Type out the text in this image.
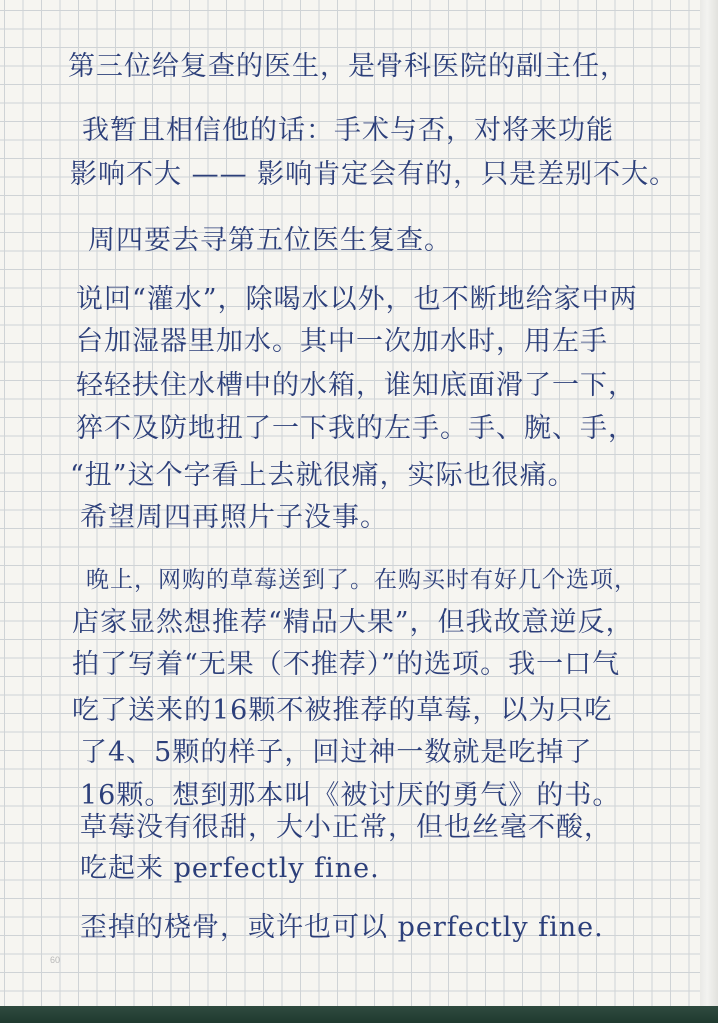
第三位给复查的医生，是骨科医院的副主任，
我暂且相信他的话：手术与否，对将来功能
影响不大 —— 影响肯定会有的，只是差别不大。
周四要去寻第五位医生复查。
说回“灌水”，除喝水以外，也不断地给家中两
台加湿器里加水。其中一次加水时，用左手
轻轻扶住水槽中的水箱，谁知底面滑了一下，
猝不及防地扭了一下我的左手。手、腕、手，
“扭”这个字看上去就很痛，实际也很痛。
希望周四再照片子没事。
晚上，网购的草莓送到了。在购买时有好几个选项，
店家显然想推荐“精品大果”，但我故意逆反，
拍了写着“无果（不推荐）”的选项。我一口气
吃了送来的16颗不被推荐的草莓，以为只吃
了4、5颗的样子，回过神一数就是吃掉了
16颗。想到那本叫《被讨厌的勇气》的书。
草莓没有很甜，大小正常，但也丝毫不酸，
吃起来 perfectly fine.
歪掉的桡骨，或许也可以 perfectly fine.
60
